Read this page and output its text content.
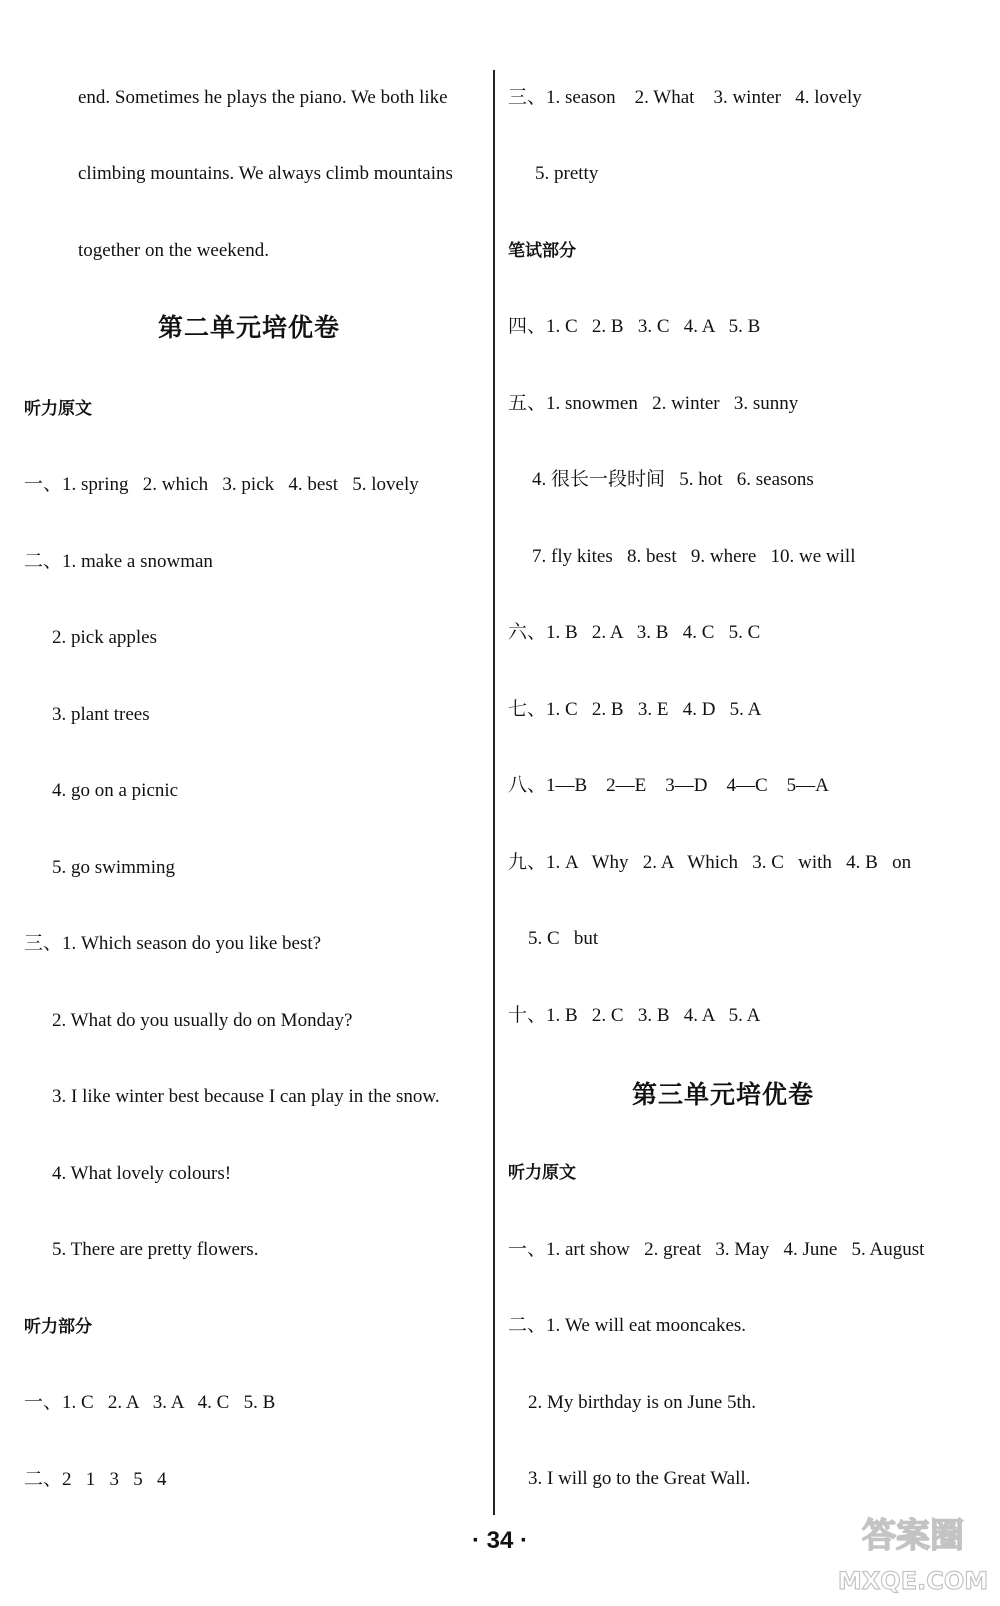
end. Sometimes he plays the piano. We both like
climbing mountains. We always climb mountains
together on the weekend.
第二单元培优卷
听力原文
一、1. spring   2. which   3. pick   4. best   5. lovely
二、1. make a snowman
2. pick apples
3. plant trees
4. go on a picnic
5. go swimming
三、1. Which season do you like best?
2. What do you usually do on Monday?
3. I like winter best because I can play in the snow.
4. What lovely colours!
5. There are pretty flowers.
听力部分
一、1. C   2. A   3. A   4. C   5. B
二、2   1   3   5   4
三、1. season    2. What    3. winter   4. lovely
5. pretty
笔试部分
四、1. C   2. B   3. C   4. A   5. B
五、1. snowmen   2. winter   3. sunny
4. 很长一段时间   5. hot   6. seasons
7. fly kites   8. best   9. where   10. we will
六、1. B   2. A   3. B   4. C   5. C
七、1. C   2. B   3. E   4. D   5. A
八、1—B    2—E    3—D    4—C    5—A
九、1. A   Why   2. A   Which   3. C   with   4. B   on
5. C   but
十、1. B   2. C   3. B   4. A   5. A
第三单元培优卷
听力原文
一、1. art show   2. great   3. May   4. June   5. August
二、1. We will eat mooncakes.
2. My birthday is on June 5th.
3. I will go to the Great Wall.
· 34 ·	答案圈
MXQE.COM
